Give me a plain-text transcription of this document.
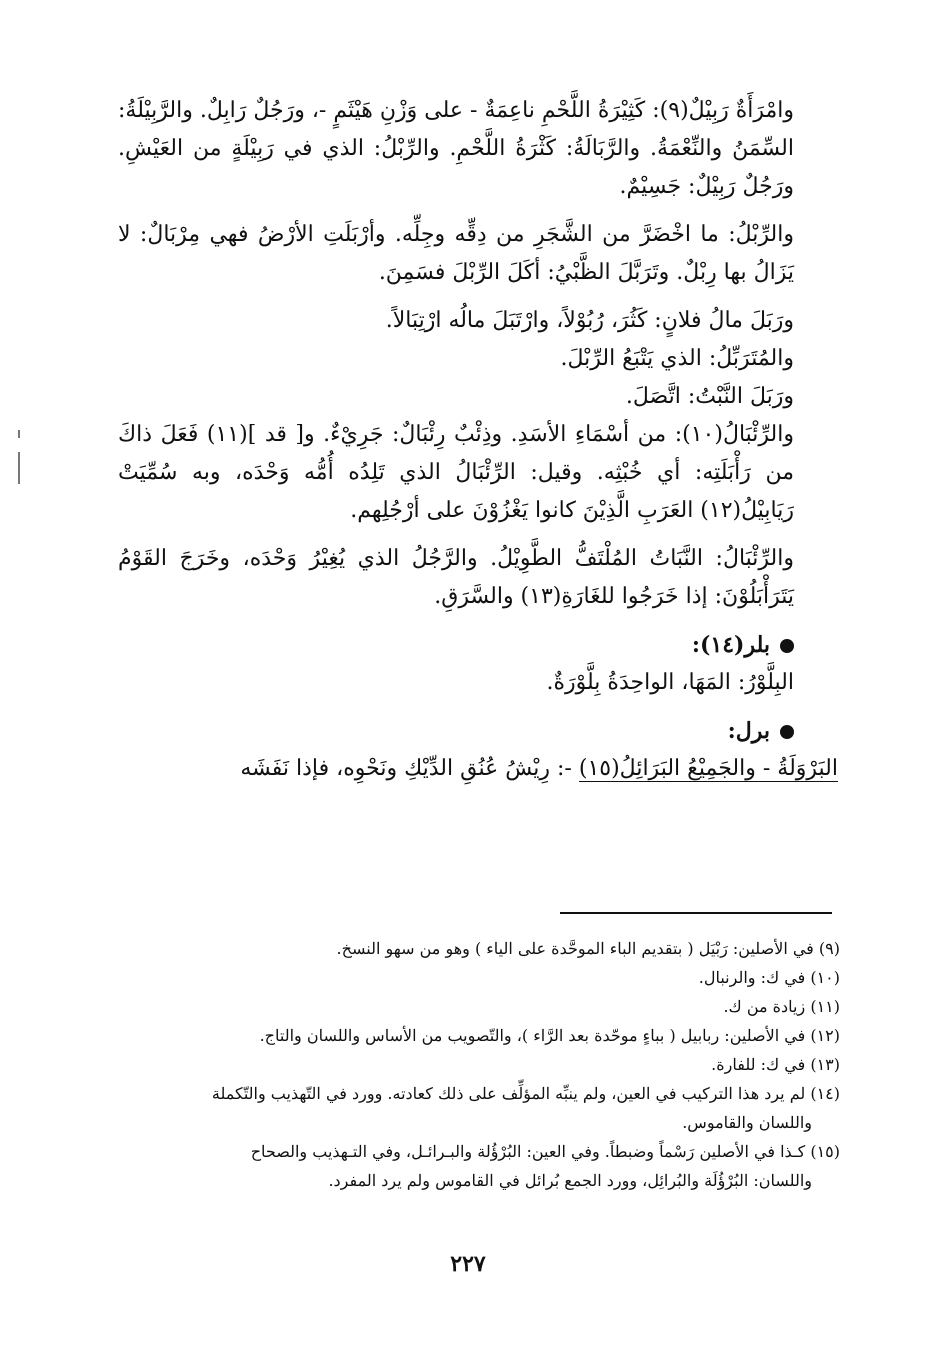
وامْرَأَةٌ رَبِيْلٌ(٩): كَثِيْرَةُ اللَّحْمِ ناعِمَةٌ - على وَزْنِ هَيْثَمٍ -، ورَجُلٌ رَابِلٌ. والرَّبِيْلَةُ: السِّمَنُ والنِّعْمَةُ. والرَّبَالَةُ: كَثْرَةُ اللَّحْمِ. والرِّبْلُ: الذي في رَبِيْلَةٍ من العَيْشِ. ورَجُلٌ رَبِيْلٌ: جَسِيْمٌ.

والرِّبْلُ: ما اخْضَرَّ من الشَّجَرِ من دِقِّه وجِلِّه. وأرْبَلَتِ الأرْضُ فهي مِرْبَالٌ: لا يَزَالُ بها رِبْلٌ. وتَرَبَّلَ الظَّبْيُ: أكَلَ الرِّبْلَ فسَمِنَ.

ورَبَلَ مالُ فلانٍ: كَثُرَ، رُبُوْلاً، وارْتَبَلَ مالُه ارْتِبَالاً.

والمُتَرَبِّلُ: الذي يَتْبَعُ الرِّبْلَ.

ورَبَلَ النَّبْتُ: اتَّصَلَ.

والرِّئْبَالُ(١٠): من أسْمَاءِ الأسَدِ. وذِئْبٌ رِئْبَالٌ: جَرِيْءٌ. و[ قد ](١١) فَعَلَ ذاكَ من رَأْبَلَتِه: أي خُبْثِه. وقيل: الرِّئْبَالُ الذي تَلِدُه أُمُّه وَحْدَه، وبه سُمِّيَتْ رَيَابِيْلُ(١٢) العَرَبِ الَّذِيْنَ كانوا يَغْزُوْنَ على أرْجُلِهم.

والرِّئْبَالُ: النَّبَاتُ المُلْتَفُّ الطَّوِيْلُ. والرَّجُلُ الذي يُغِيْرُ وَحْدَه، وخَرَجَ القَوْمُ يَتَرَأْبَلُوْنَ: إذا خَرَجُوا للغَارَةِ(١٣) والسَّرَقِ.

بلر(١٤):

البِلَّوْرُ: المَهَا، الواحِدَةُ بِلَّوْرَةٌ.

برل:

البَرْوَلَةُ - والجَمِيْعُ البَرَائِلُ(١٥) -: رِيْشُ عُنُقِ الدِّيْكِ ونَحْوِه، فإذا نَفَشَه

(٩) في الأصلين: رَبْيَل ( بتقديم الباء الموحَّدة على الياء ) وهو من سهو النسخ.

(١٠) في ك: والرنبال.

(١١) زيادة من ك.

(١٢) في الأصلين: ربابيل ( بباءٍ موحّدة بعد الرَّاء )، والتّصويب من الأساس واللسان والتاج.

(١٣) في ك: للفارة.

(١٤) لم يرد هذا التركيب في العين، ولم ينبِّه المؤلِّف على ذلك كعادته. وورد في التّهذيب والتّكملة
واللسان والقاموس.

(١٥) كـذا في الأصلين رَسْماً وضبطاً. وفي العين: البُرْؤُلة والبـرائـل، وفي التـهذيب والصحاح
واللسان: البُرْؤُلَة والبُرائِل، وورد الجمع بُرائل في القاموس ولم يرد المفرد.

٢٢٧
